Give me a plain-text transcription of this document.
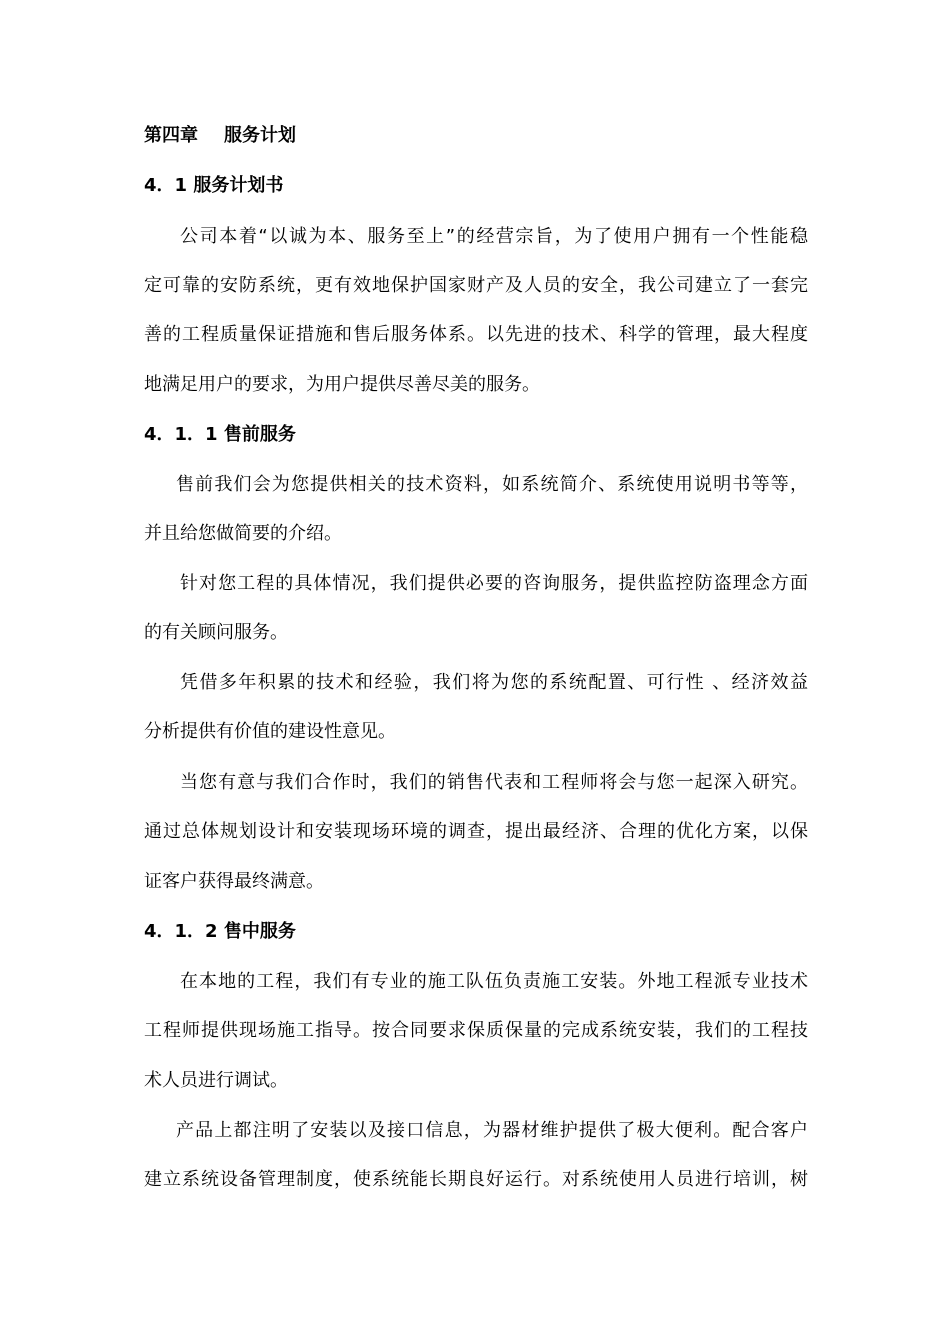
第四章 服务计划
4．1 服务计划书
公司本着“以诚为本、服务至上”的经营宗旨，为了使用户拥有一个性能稳
定可靠的安防系统，更有效地保护国家财产及人员的安全，我公司建立了一套完
善的工程质量保证措施和售后服务体系。以先进的技术、科学的管理，最大程度
地满足用户的要求，为用户提供尽善尽美的服务。
4．1．1 售前服务
售前我们会为您提供相关的技术资料，如系统简介、系统使用说明书等等，
并且给您做简要的介绍。
针对您工程的具体情况，我们提供必要的咨询服务，提供监控防盗理念方面
的有关顾问服务。
凭借多年积累的技术和经验，我们将为您的系统配置、可行性 、经济效益
分析提供有价值的建设性意见。
当您有意与我们合作时，我们的销售代表和工程师将会与您一起深入研究。
通过总体规划设计和安装现场环境的调查，提出最经济、合理的优化方案，以保
证客户获得最终满意。
4．1．2 售中服务
在本地的工程，我们有专业的施工队伍负责施工安装。外地工程派专业技术
工程师提供现场施工指导。按合同要求保质保量的完成系统安装，我们的工程技
术人员进行调试。
产品上都注明了安装以及接口信息，为器材维护提供了极大便利。配合客户
建立系统设备管理制度，使系统能长期良好运行。对系统使用人员进行培训，树
